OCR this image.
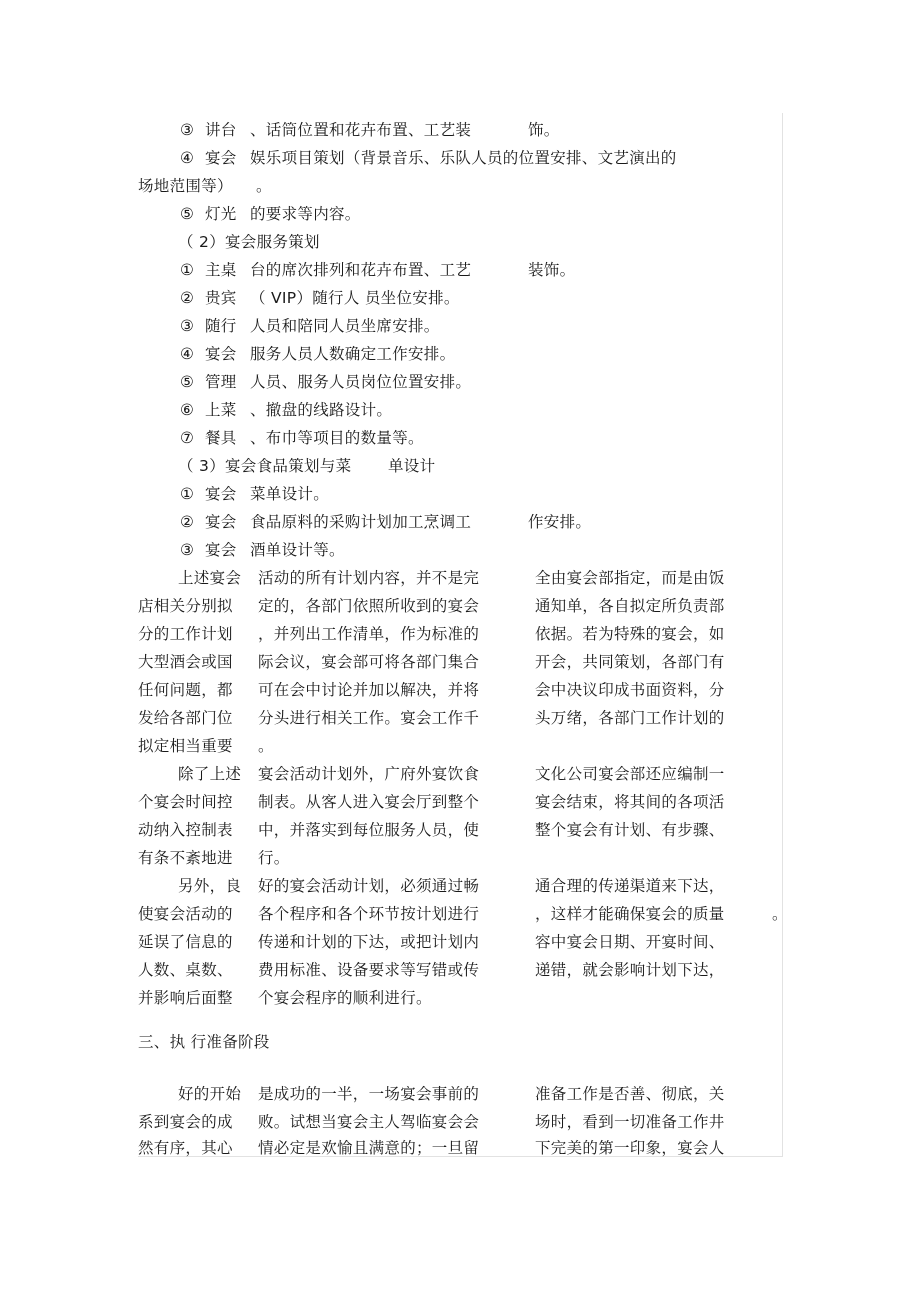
③ 讲台 、话筒位置和花卉布置、工艺装	饰。
④ 宴会 娱乐项目策划（背景音乐、乐队人员的位置安排、文艺演出的
场地范围等） 。
⑤ 灯光 的要求等内容。
（ 2）宴会服务策划
① 主桌 台的席次排列和花卉布置、工艺	装饰。
② 贵宾 （ VIP）随行人 员坐位安排。
③ 随行 人员和陪同人员坐席安排。
④ 宴会 服务人员人数确定工作安排。
⑤ 管理 人员、服务人员岗位位置安排。
⑥ 上菜 、撤盘的线路设计。
⑦ 餐具 、布巾等项目的数量等。
（ 3）宴会食品策划与菜 单设计
① 宴会 菜单设计。
② 宴会 食品原料的采购计划加工烹调工	作安排。
③ 宴会 酒单设计等。
上述宴会 活动的所有计划内容，并不是完	全由宴会部指定，而是由饭
店相关分别拟 定的，各部门依照所收到的宴会	通知单，各自拟定所负责部
分的工作计划 ，并列出工作清单，作为标准的	依据。若为特殊的宴会，如
大型酒会或国 际会议，宴会部可将各部门集合	开会，共同策划，各部门有
任何问题，都 可在会中讨论并加以解决，并将	会中决议印成书面资料，分
发给各部门位 分头进行相关工作。宴会工作千	头万绪，各部门工作计划的
拟定相当重要 。
除了上述 宴会活动计划外，广府外宴饮食	文化公司宴会部还应编制一
个宴会时间控 制表。从客人进入宴会厅到整个	宴会结束，将其间的各项活
动纳入控制表 中，并落实到每位服务人员，使	整个宴会有计划、有步骤、
有条不紊地进 行。
另外，良 好的宴会活动计划，必须通过畅	通合理的传递渠道来下达，
使宴会活动的 各个程序和各个环节按计划进行	，这样才能确保宴会的质量	。
延误了信息的 传递和计划的下达，或把计划内	容中宴会日期、开宴时间、
人数、桌数、 费用标准、设备要求等写错或传	递错，就会影响计划下达，
并影响后面整 个宴会程序的顺利进行。
三、执 行准备阶段
好的开始 是成功的一半，一场宴会事前的	准备工作是否善、彻底，关
系到宴会的成 败。试想当宴会主人驾临宴会会	场时，看到一切准备工作井
然有序，其心 情必定是欢愉且满意的；一旦留	下完美的第一印象，宴会人
